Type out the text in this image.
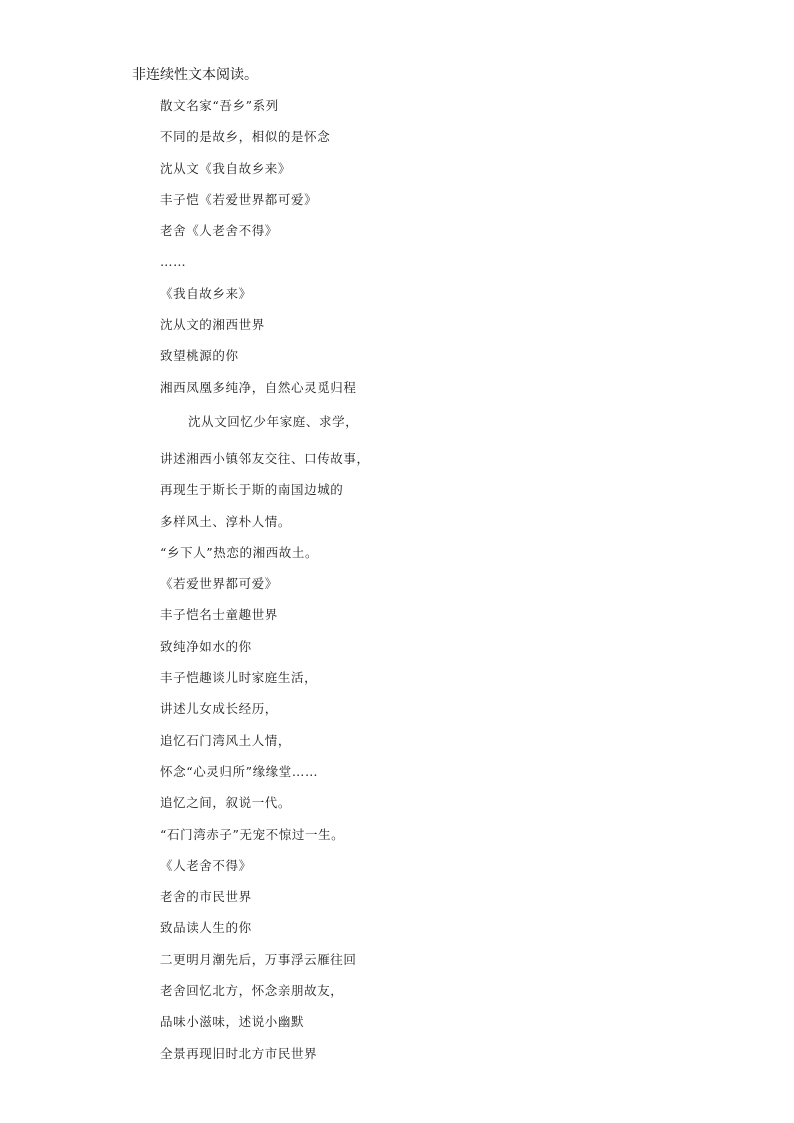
非连续性文本阅读。
散文名家“吾乡”系列
不同的是故乡，相似的是怀念
沈从文《我自故乡来》
丰子恺《若爱世界都可爱》
老舍《人老舍不得》
……
《我自故乡来》
沈从文的湘西世界
致望桃源的你
湘西凤凰多纯净，自然心灵觅归程
沈从文回忆少年家庭、求学，
讲述湘西小镇邻友交往、口传故事，
再现生于斯长于斯的南国边城的
多样风土、淳朴人情。
“乡下人”热恋的湘西故土。
《若爱世界都可爱》
丰子恺名士童趣世界
致纯净如水的你
丰子恺趣谈儿时家庭生活，
讲述儿女成长经历，
追忆石门湾风土人情，
怀念“心灵归所”缘缘堂……
追忆之间，叙说一代。
“石门湾赤子”无宠不惊过一生。
《人老舍不得》
老舍的市民世界
致品读人生的你
二更明月潮先后，万事浮云雁往回
老舍回忆北方，怀念亲朋故友，
品味小滋味，述说小幽默
全景再现旧时北方市民世界
